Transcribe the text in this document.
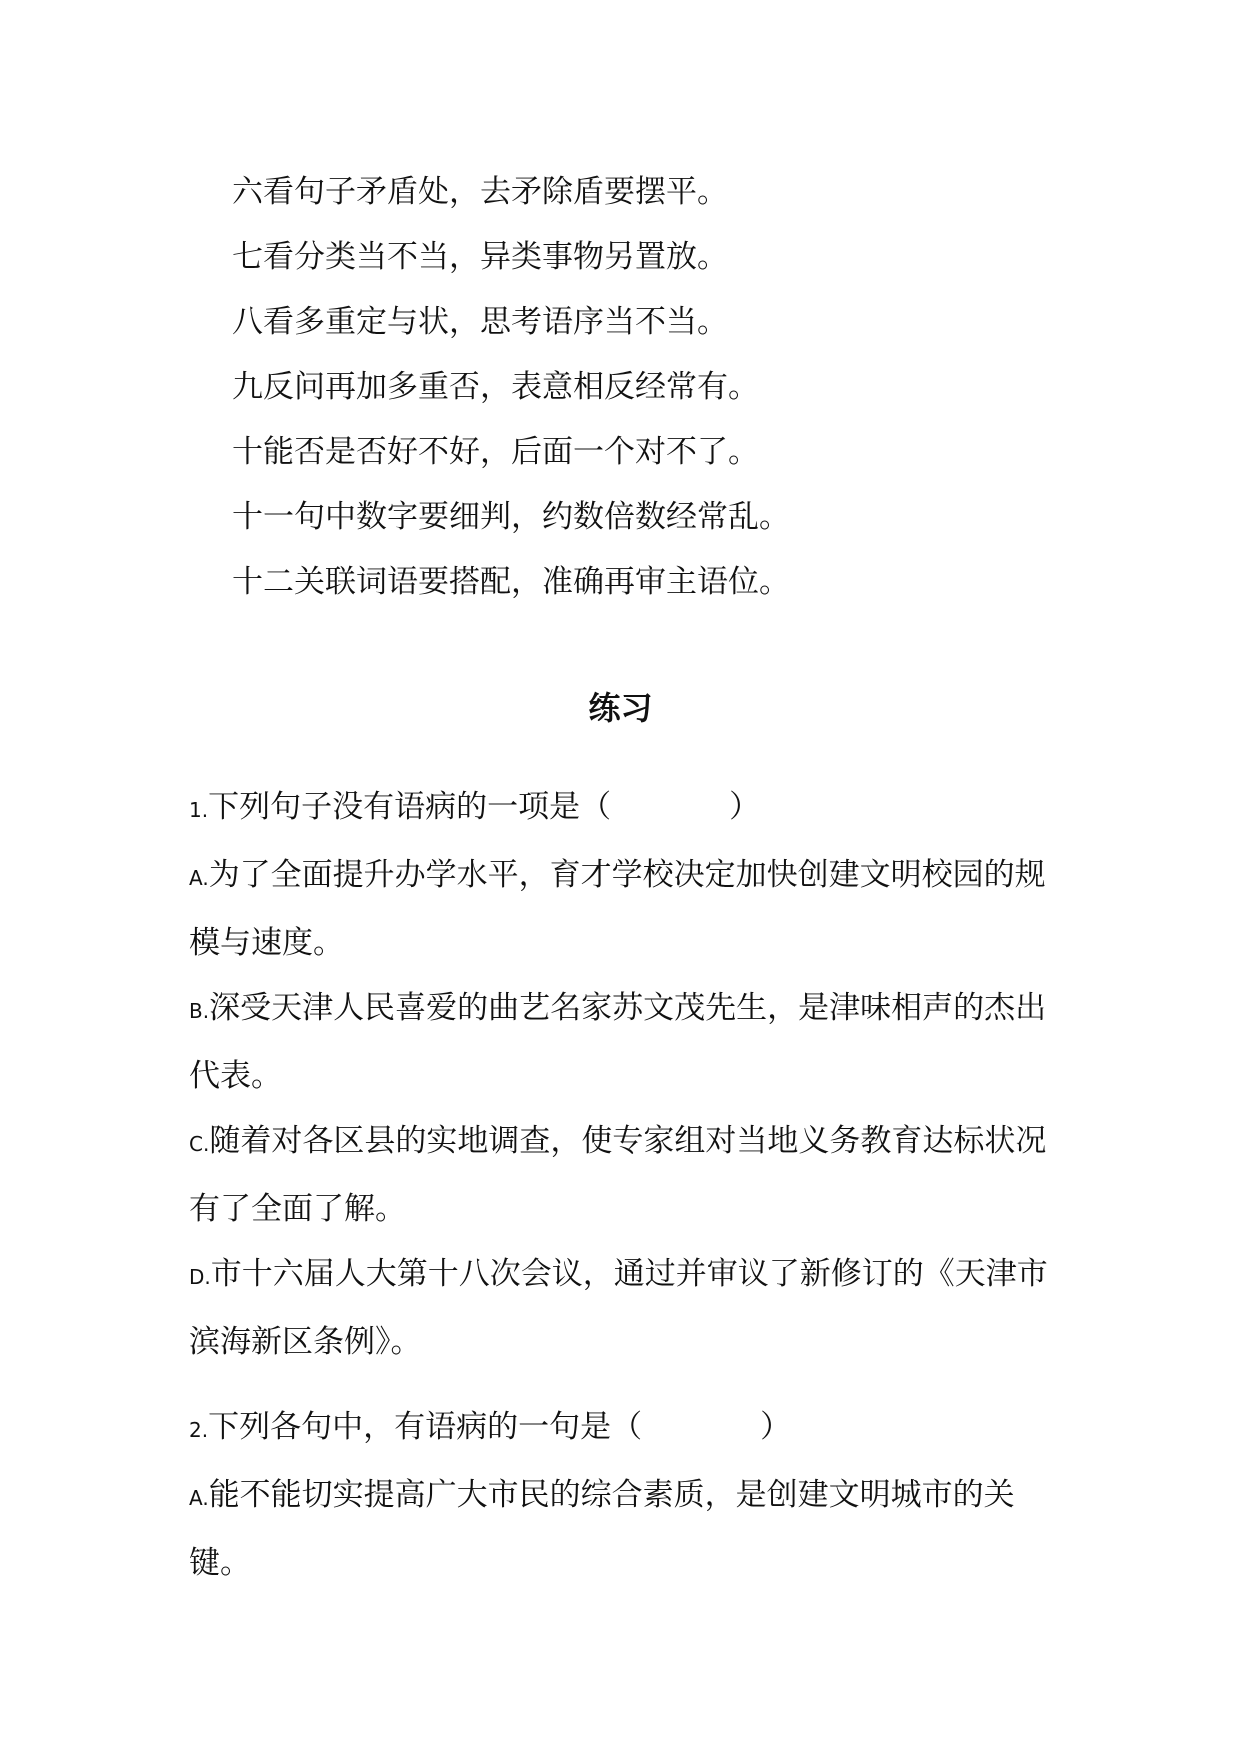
六看句子矛盾处，去矛除盾要摆平。
七看分类当不当，异类事物另置放。
八看多重定与状，思考语序当不当。
九反问再加多重否，表意相反经常有。
十能否是否好不好，后面一个对不了。
十一句中数字要细判，约数倍数经常乱。
十二关联词语要搭配，准确再审主语位。
练习

1.下列句子没有语病的一项是（	）

A.为了全面提升办学水平，育才学校决定加快创建文明校园的规模与速度。

B.深受天津人民喜爱的曲艺名家苏文茂先生，是津味相声的杰出代表。

C.随着对各区县的实地调查，使专家组对当地义务教育达标状况有了全面了解。

D.市十六届人大第十八次会议，通过并审议了新修订的《天津市滨海新区条例》。

2.下列各句中，有语病的一句是（	）

A.能不能切实提高广大市民的综合素质，是创建文明城市的关键。
